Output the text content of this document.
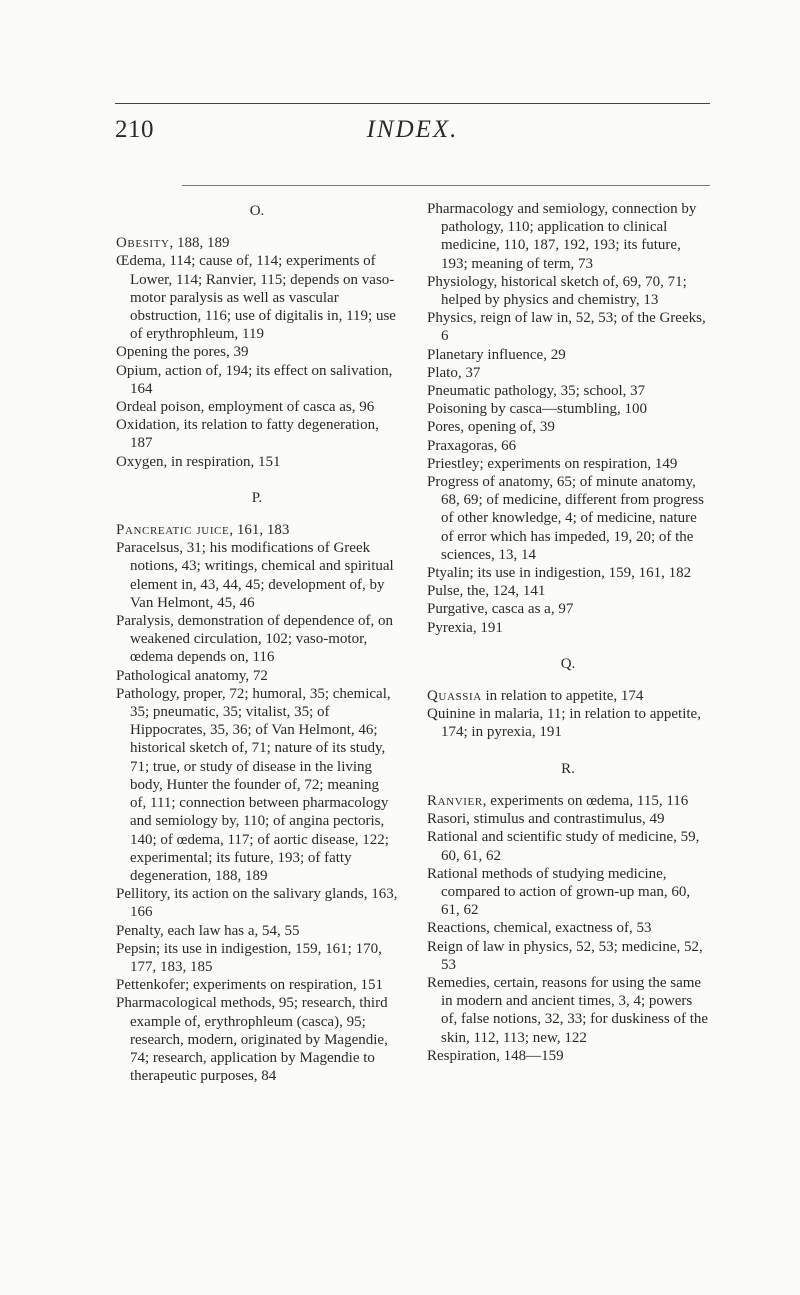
210	INDEX.
O.
Obesity, 188, 189
Œdema, 114; cause of, 114; experiments of Lower, 114; Ranvier, 115; depends on vaso-motor paralysis as well as vascular obstruction, 116; use of digitalis in, 119; use of erythrophleum, 119
Opening the pores, 39
Opium, action of, 194; its effect on salivation, 164
Ordeal poison, employment of casca as, 96
Oxidation, its relation to fatty degeneration, 187
Oxygen, in respiration, 151
P.
Pancreatic juice, 161, 183
Paracelsus, 31; his modifications of Greek notions, 43; writings, chemical and spiritual element in, 43, 44, 45; development of, by Van Helmont, 45, 46
Paralysis, demonstration of dependence of, on weakened circulation, 102; vaso-motor, œdema depends on, 116
Pathological anatomy, 72
Pathology, proper, 72; humoral, 35; chemical, 35; pneumatic, 35; vitalist, 35; of Hippocrates, 35, 36; of Van Helmont, 46; historical sketch of, 71; nature of its study, 71; true, or study of disease in the living body, Hunter the founder of, 72; meaning of, 111; connection between pharmacology and semiology by, 110; of angina pectoris, 140; of œdema, 117; of aortic disease, 122; experimental; its future, 193; of fatty degeneration, 188, 189
Pellitory, its action on the salivary glands, 163, 166
Penalty, each law has a, 54, 55
Pepsin; its use in indigestion, 159, 161; 170, 177, 183, 185
Pettenkofer; experiments on respiration, 151
Pharmacological methods, 95; research, third example of, erythrophleum (casca), 95; research, modern, originated by Magendie, 74; research, application by Magendie to therapeutic purposes, 84
Pharmacology and semiology, connection by pathology, 110; application to clinical medicine, 110, 187, 192, 193; its future, 193; meaning of term, 73
Physiology, historical sketch of, 69, 70, 71; helped by physics and chemistry, 13
Physics, reign of law in, 52, 53; of the Greeks, 6
Planetary influence, 29
Plato, 37
Pneumatic pathology, 35; school, 37
Poisoning by casca—stumbling, 100
Pores, opening of, 39
Praxagoras, 66
Priestley; experiments on respiration, 149
Progress of anatomy, 65; of minute anatomy, 68, 69; of medicine, different from progress of other knowledge, 4; of medicine, nature of error which has impeded, 19, 20; of the sciences, 13, 14
Ptyalin; its use in indigestion, 159, 161, 182
Pulse, the, 124, 141
Purgative, casca as a, 97
Pyrexia, 191
Q.
Quassia in relation to appetite, 174
Quinine in malaria, 11; in relation to appetite, 174; in pyrexia, 191
R.
Ranvier, experiments on œdema, 115, 116
Rasori, stimulus and contrastimulus, 49
Rational and scientific study of medicine, 59, 60, 61, 62
Rational methods of studying medicine, compared to action of grown-up man, 60, 61, 62
Reactions, chemical, exactness of, 53
Reign of law in physics, 52, 53; medicine, 52, 53
Remedies, certain, reasons for using the same in modern and ancient times, 3, 4; powers of, false notions, 32, 33; for duskiness of the skin, 112, 113; new, 122
Respiration, 148—159
